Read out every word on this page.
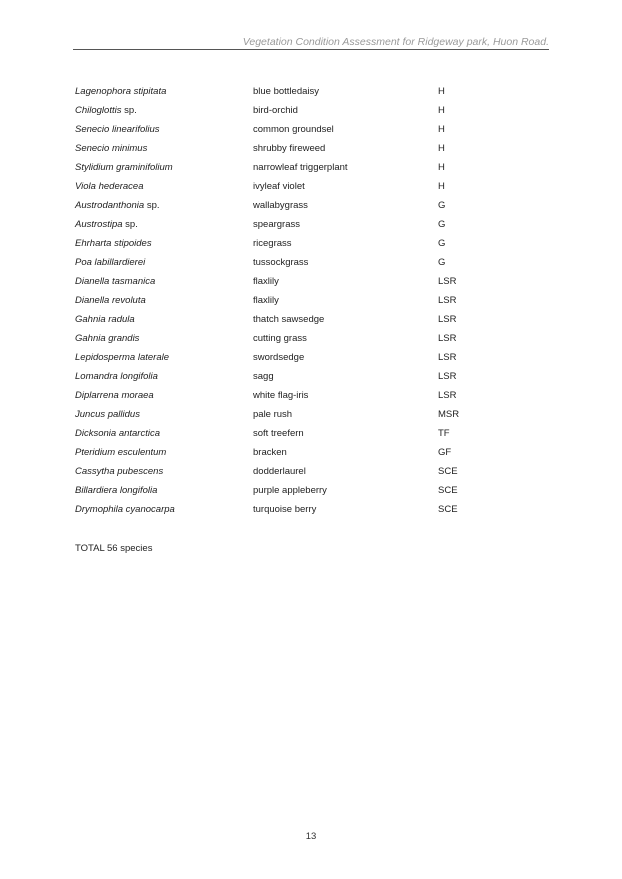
Vegetation Condition Assessment for Ridgeway park, Huon Road.
Lagenophora stipitata	blue bottledaisy	H
Chiloglottis sp.	bird-orchid	H
Senecio linearifolius	common groundsel	H
Senecio minimus	shrubby fireweed	H
Stylidium graminifolium	narrowleaf triggerplant	H
Viola hederacea	ivyleaf violet	H
Austrodanthonia sp.	wallabygrass	G
Austrostipa sp.	speargrass	G
Ehrharta stipoides	ricegrass	G
Poa labillardierei	tussockgrass	G
Dianella tasmanica	flaxlily	LSR
Dianella revoluta	flaxlily	LSR
Gahnia radula	thatch sawsedge	LSR
Gahnia grandis	cutting grass	LSR
Lepidosperma laterale	swordsedge	LSR
Lomandra longifolia	sagg	LSR
Diplarrena moraea	white flag-iris	LSR
Juncus pallidus	pale rush	MSR
Dicksonia antarctica	soft treefern	TF
Pteridium esculentum	bracken	GF
Cassytha pubescens	dodderlaurel	SCE
Billardiera longifolia	purple appleberry	SCE
Drymophila cyanocarpa	turquoise berry	SCE
TOTAL 56 species
13
